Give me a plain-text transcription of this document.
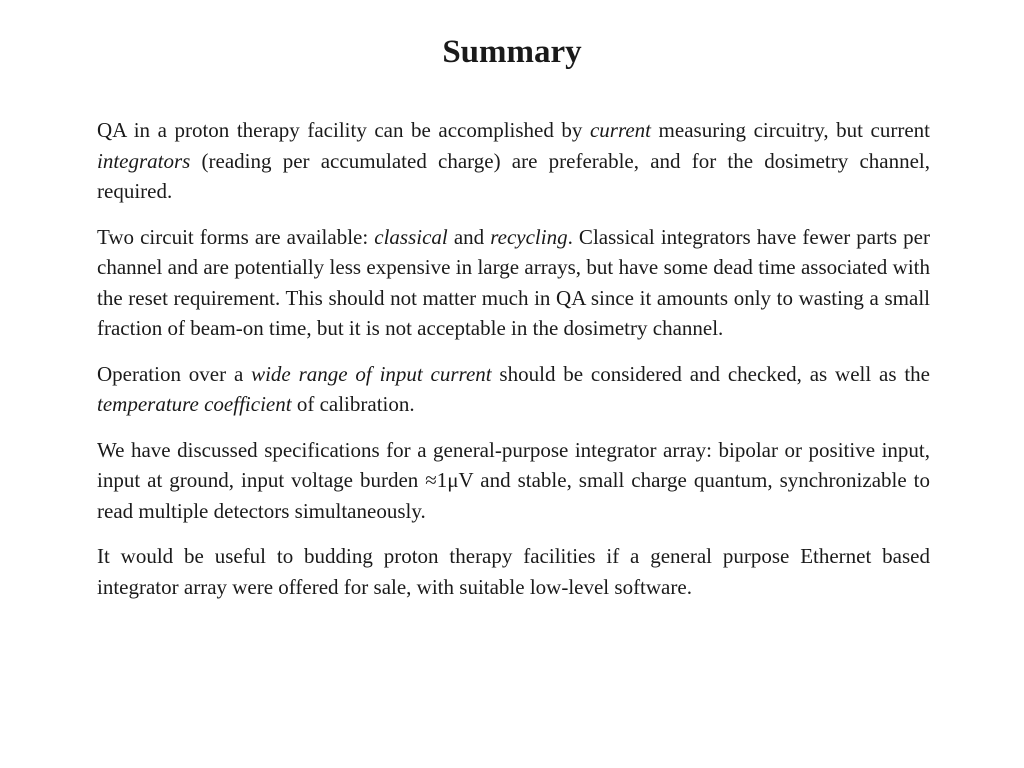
Summary

QA in a proton therapy facility can be accomplished by current measuring circuitry, but current integrators (reading per accumulated charge) are preferable, and for the dosimetry channel, required.

Two circuit forms are available: classical and recycling. Classical integrators have fewer parts per channel and are potentially less expensive in large arrays, but have some dead time associated with the reset requirement. This should not matter much in QA since it amounts only to wasting a small fraction of beam-on time, but it is not acceptable in the dosimetry channel.

Operation over a wide range of input current should be considered and checked, as well as the temperature coefficient of calibration.

We have discussed specifications for a general-purpose integrator array: bipolar or positive input, input at ground, input voltage burden ≈1μV and stable, small charge quantum, synchronizable to read multiple detectors simultaneously.

It would be useful to budding proton therapy facilities if a general purpose Ethernet based integrator array were offered for sale, with suitable low-level software.
